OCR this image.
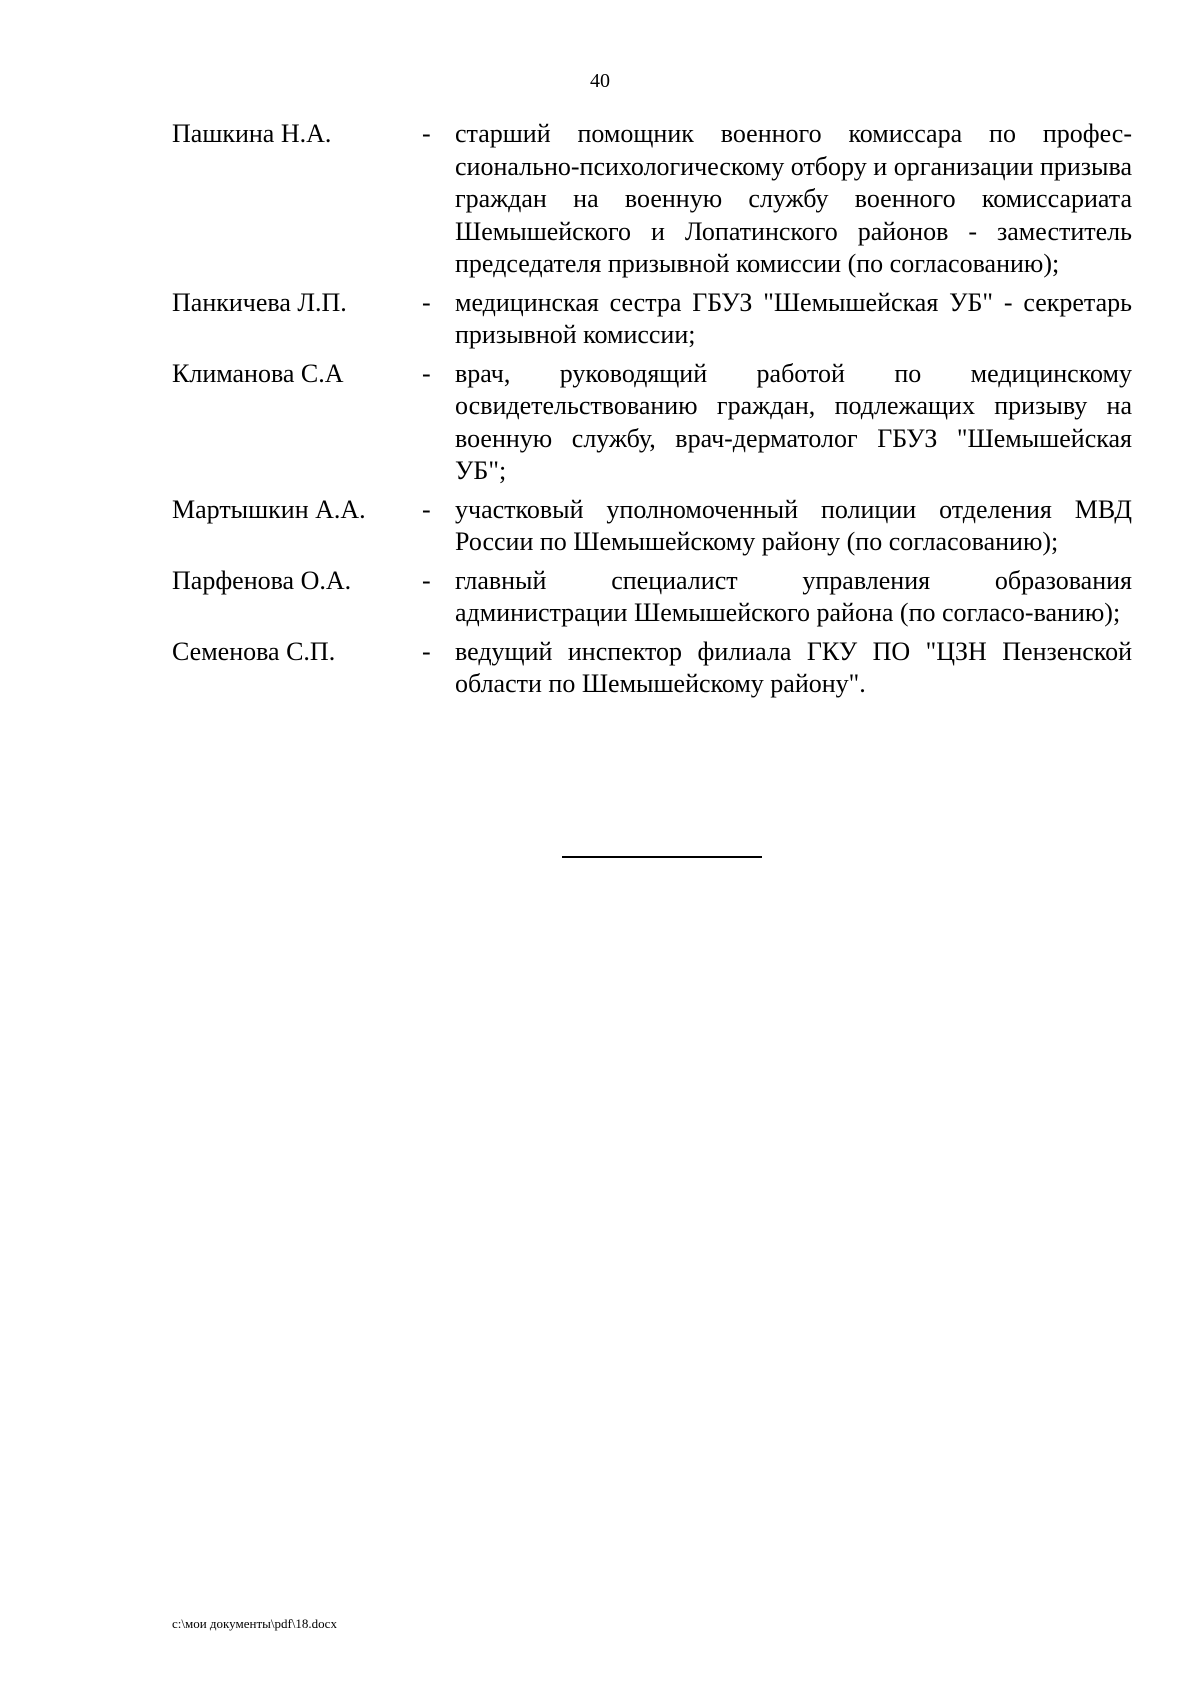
40
Пашкина Н.А.	- старший помощник военного комиссара по профес-сионально-психологическому отбору и организации призыва граждан на военную службу военного комиссариата Шемышейского и Лопатинского районов - заместитель председателя призывной комиссии (по согласованию);
Панкичева Л.П.	- медицинская сестра ГБУЗ "Шемышейская УБ" - секретарь призывной комиссии;
Климанова С.А	- врач, руководящий работой по медицинскому освидетельствованию граждан, подлежащих призыву на военную службу, врач-дерматолог ГБУЗ "Шемышейская УБ";
Мартышкин А.А.	- участковый уполномоченный полиции отделения МВД России по Шемышейскому району (по согласованию);
Парфенова О.А.	- главный специалист управления образования администрации Шемышейского района (по согласо-ванию);
Семенова С.П.	- ведущий инспектор филиала ГКУ ПО "ЦЗН Пензенской области по Шемышейскому району".
c:\мои документы\pdf\18.docx
